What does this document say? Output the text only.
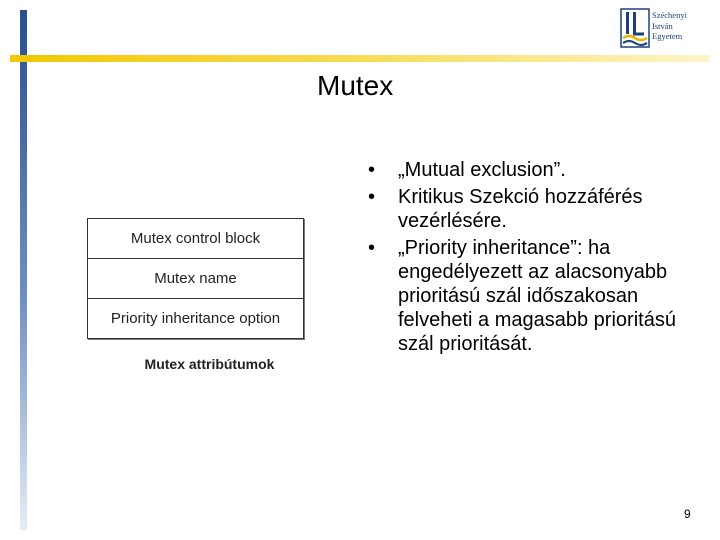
Széchenyi
István
Egyetem
Mutex
Mutex control block
Mutex name
Priority inheritance option
Mutex attribútumok
• „Mutual exclusion”.
• Kritikus Szekció hozzáférés vezérlésére.
• „Priority inheritance”: ha engedélyezett az alacsonyabb prioritású szál időszakosan felveheti a magasabb prioritású szál prioritását.
9
